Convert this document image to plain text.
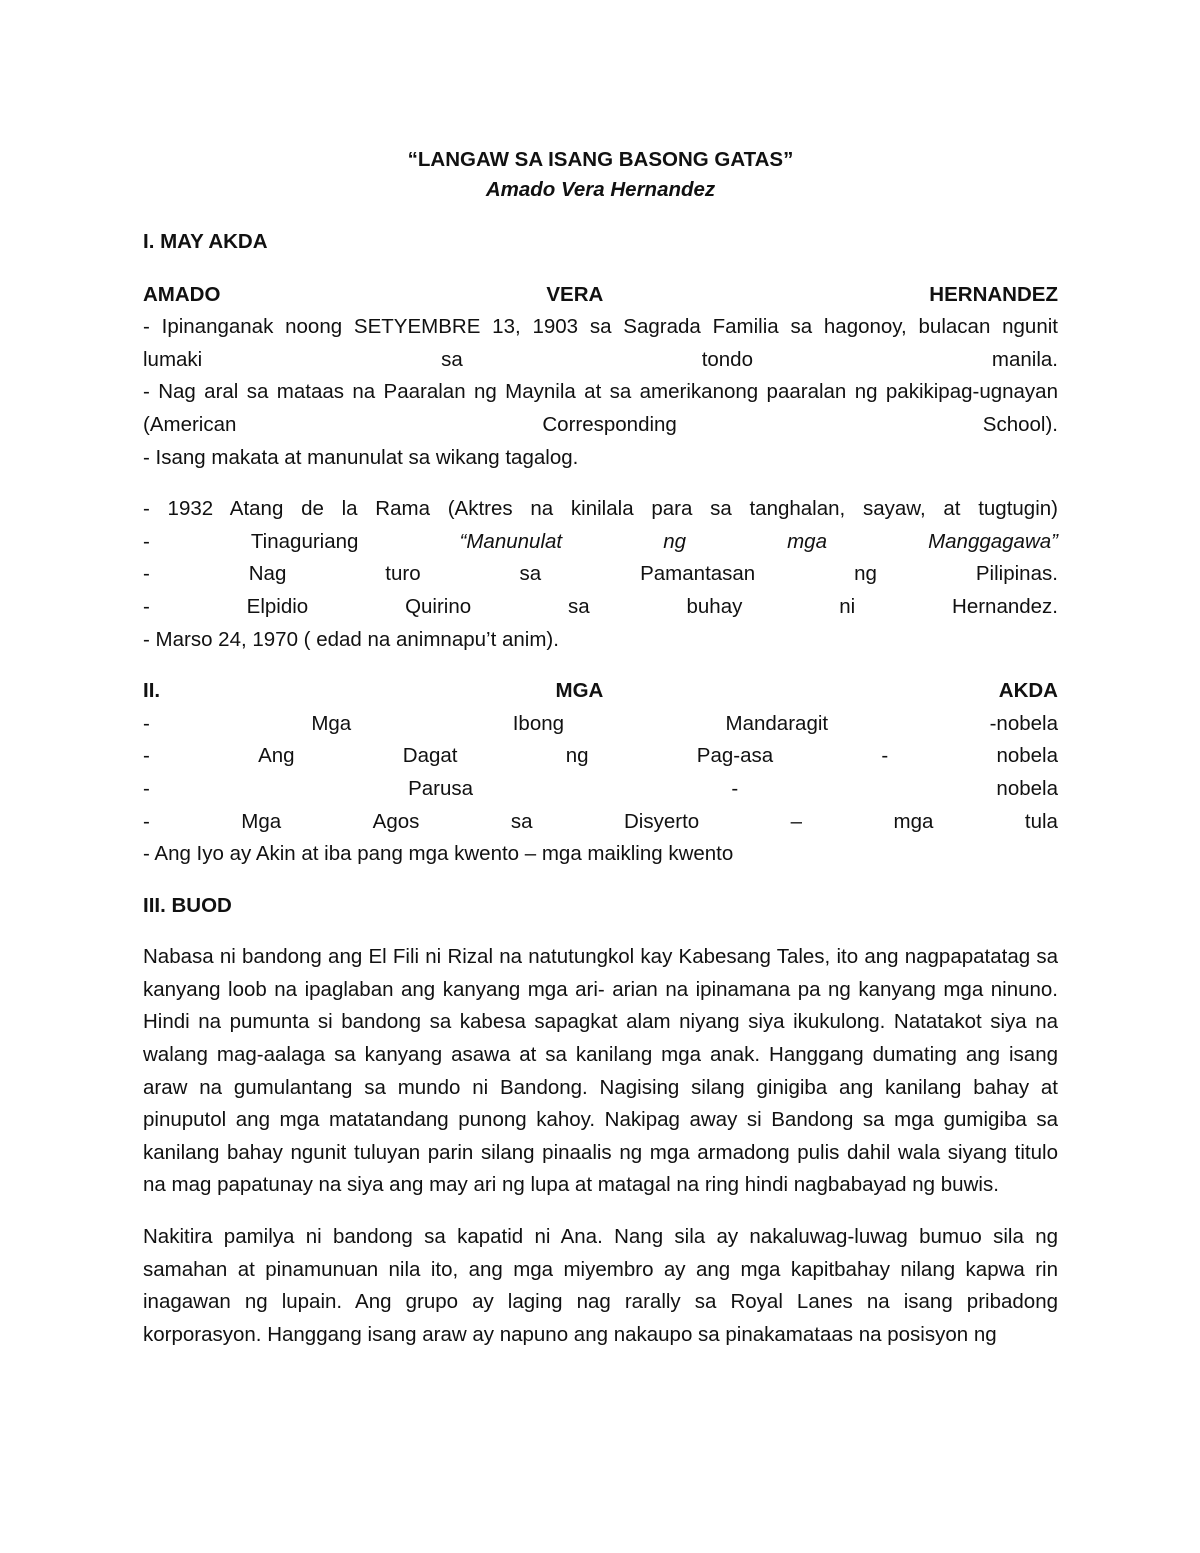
“LANGAW SA ISANG BASONG GATAS”

Amado Vera Hernandez

I. MAY AKDA

AMADO	VERA	HERNANDEZ
- Ipinanganak noong SETYEMBRE 13, 1903 sa Sagrada Familia sa hagonoy, bulacan ngunit
lumaki	sa	tondo	manila.
- Nag aral sa mataas na Paaralan ng Maynila at sa amerikanong paaralan ng pakikipag-ugnayan
(American	Corresponding	School).
- Isang makata at manunulat sa wikang tagalog.
- 1932 Atang de la Rama (Aktres na kinilala para sa tanghalan, sayaw, at tugtugin)
-	Tinaguriang	“Manunulat	ng	mga	Manggagawa”
-	Nag	turo	sa	Pamantasan	ng	Pilipinas.
-	Elpidio	Quirino	sa	buhay	ni	Hernandez.
- Marso 24, 1970 ( edad na animnapu’t anim).
II.	MGA	AKDA
-	Mga	Ibong	Mandaragit	-nobela
-	Ang	Dagat	ng	Pag-asa	-	nobela
-	Parusa	-	nobela
-	Mga	Agos	sa	Disyerto	–	mga	tula
- Ang Iyo ay Akin at iba pang mga kwento – mga maikling kwento

III. BUOD

Nabasa ni bandong ang El Fili ni Rizal na natutungkol kay Kabesang Tales, ito ang nagpapatatag sa kanyang loob na ipaglaban ang kanyang mga ari- arian na ipinamana pa ng kanyang mga ninuno. Hindi na pumunta si bandong sa kabesa sapagkat alam niyang siya ikukulong. Natatakot siya na walang mag-aalaga sa kanyang asawa at sa kanilang mga anak. Hanggang dumating ang isang araw na gumulantang sa mundo ni Bandong. Nagising silang ginigiba ang kanilang bahay at pinuputol ang mga matatandang punong kahoy. Nakipag away si Bandong sa mga gumigiba sa kanilang bahay ngunit tuluyan parin silang pinaalis ng mga armadong pulis dahil wala siyang titulo na mag papatunay na siya ang may ari ng lupa at matagal na ring hindi nagbabayad ng buwis.

Nakitira pamilya ni bandong sa kapatid ni Ana. Nang sila ay nakaluwag-luwag bumuo sila ng samahan at pinamunuan nila ito, ang mga miyembro ay ang mga kapitbahay nilang kapwa rin inagawan ng lupain. Ang grupo ay laging nag rarally sa Royal Lanes na isang pribadong korporasyon. Hanggang isang araw ay napuno ang nakaupo sa pinakamataas na posisyon ng
